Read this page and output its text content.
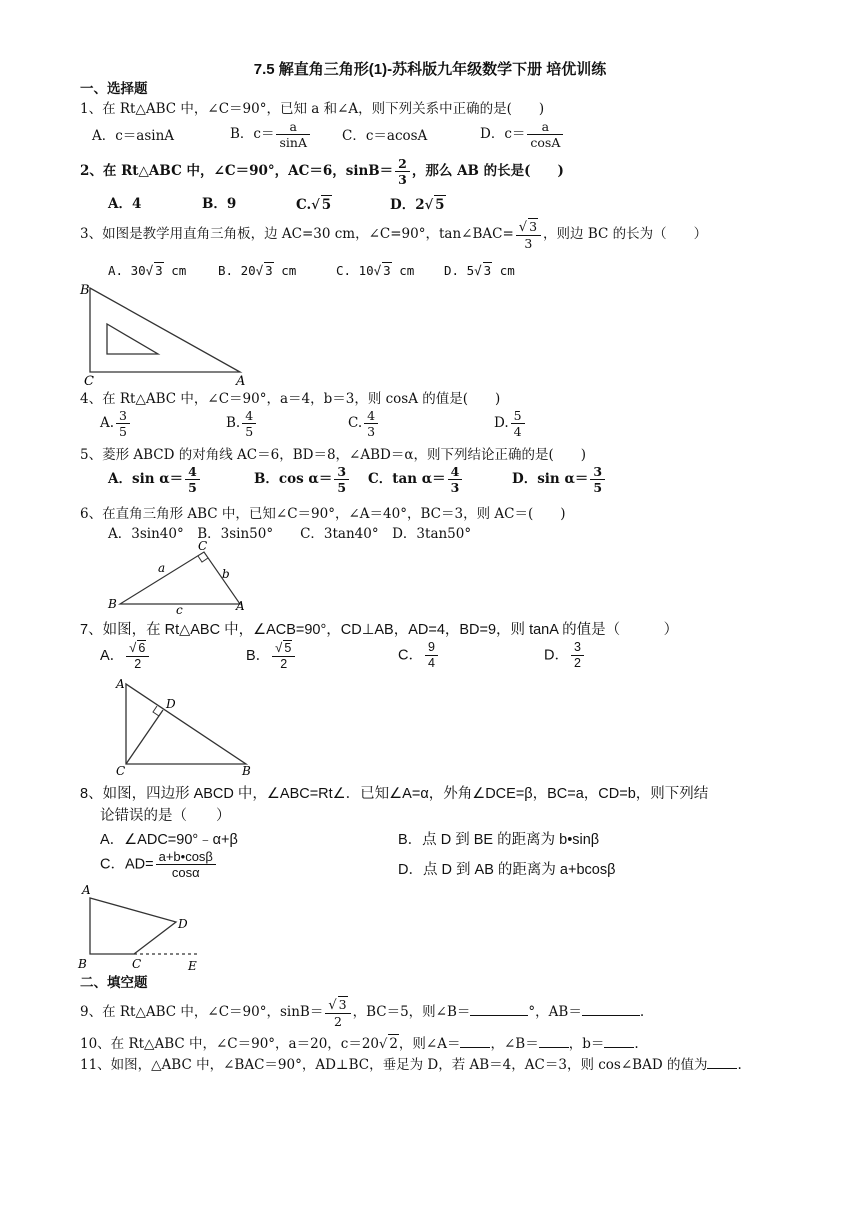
7.5 解直角三角形(1)-苏科版九年级数学下册 培优训练
一、选择题
1、在 Rt△ABC 中，∠C＝90°，已知 a 和∠A，则下列关系中正确的是(　　)
A．c＝asinA	B．$c= \frac{a}{\sin A}$ C．c＝acosA	D．$c= \frac{a}{\cos A}$
2、在 Rt△ABC 中，∠C＝90°，AC＝6，$\sin B= \frac{2}{3}$ ，那么 AB 的长是(　　)
A．4	B．9	C.√ 5	D．2√ 5
3、如图是教学用直角三角板，边 AC=30 cm，∠C=90°，tan∠BAC= $\frac{√ 3}{3}$ ，则边 BC 的长为（　　）
A. 30√ 3 cm	B. 20√ 3 cm	C. 10√ 3 cm D. 5√ 3 cm
B
C	A
4、在 Rt△ABC 中，∠C＝90°，a＝4，b＝3，则 cosA 的值是(　　)
A. $\frac{3}{5}$	B. $\frac{4}{5}$	C. $\frac{4}{3}$	D. $\frac{5}{4}$
5、菱形 ABCD 的对角线 AC＝6，BD＝8，∠ABD＝α，则下列结论正确的是(　　)
A．$\sin \alpha= \frac{4}{5}$	B．$\cos \alpha= \frac{3}{5}$ C．$\tan \alpha= \frac{4}{3}$	D．$\sin \alpha= \frac{3}{5}$
6、在直角三角形 ABC 中，已知∠C＝90°，∠A＝40°，BC＝3，则 AC＝(　　)
A．3sin40°　B．3sin50°　　C．3tan40°　D．3tan50°
C
a	b
B	c	A
7、如图，在 Rt△ABC 中，∠ACB=90°，CD⊥AB，AD=4，BD=9，则 tanA 的值是（　　　）
A． $\frac{√ 6}{2}$	B． $\frac{√ 5}{2}$	C． $\frac{9}{4}$	D． $\frac{3}{2}$
A
D
C	B
8、如图，四边形 ABCD 中，∠ABC=Rt∠．已知∠A=α，外角∠DCE=β，BC=a，CD=b，则下列结
论错误的是（　　）
A．∠ADC=90°﹣α+β	B．点 D 到 BE 的距离为 b•sinβ
C．$AD= \frac{a+b•\cos\beta}{\cos\alpha}$	D．点 D 到 AB 的距离为 a+bcosβ
A
D
B	C	E
二、填空题
9、在 Rt△ABC 中，∠C＝90°，$\sin B= \frac{√ 3}{2}$ ，BC＝5，则∠B＝	°，AB＝	.
10、在 Rt△ABC 中，∠C＝90°，a＝20，c＝20√ 2，则∠A＝ ，∠B＝ ，b＝ .
11、如图，△ABC 中，∠BAC＝90°，AD⊥BC，垂足为 D，若 AB＝4，AC＝3，则 cos∠BAD 的值为 .
